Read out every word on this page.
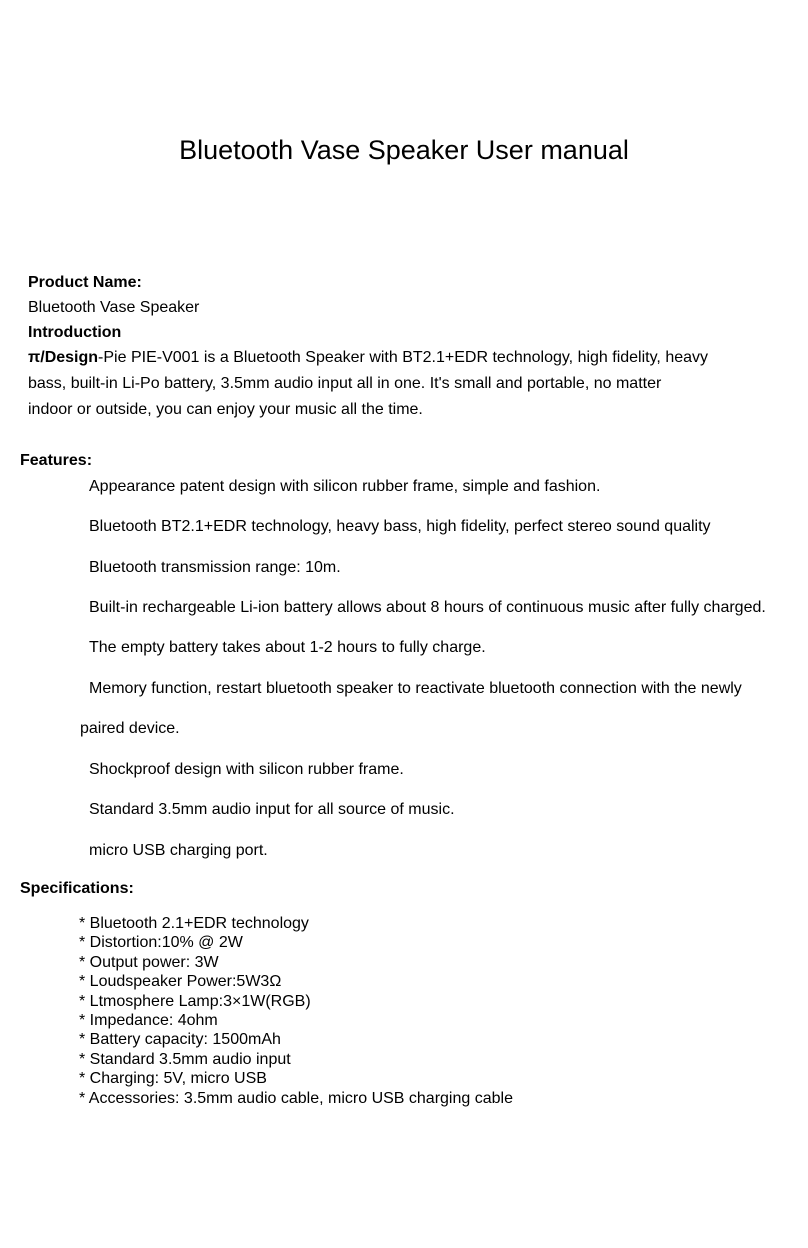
Bluetooth Vase Speaker User manual
Product Name:
Bluetooth Vase Speaker
Introduction
π/Design-Pie PIE-V001 is a Bluetooth Speaker with BT2.1+EDR technology, high fidelity, heavy
bass, built-in Li-Po battery, 3.5mm audio input all in one. It's small and portable, no matter
indoor or outside, you can enjoy your music all the time.
Features:
Appearance patent design with silicon rubber frame, simple and fashion.
Bluetooth BT2.1+EDR technology, heavy bass, high fidelity, perfect stereo sound quality
Bluetooth transmission range: 10m.
Built-in rechargeable Li-ion battery allows about 8 hours of continuous music after fully charged.
The empty battery takes about 1-2 hours to fully charge.
Memory function, restart bluetooth speaker to reactivate bluetooth connection with the newly
paired device.
Shockproof design with silicon rubber frame.
Standard 3.5mm audio input for all source of music.
micro USB charging port.
Specifications:
* Bluetooth 2.1+EDR technology
* Distortion:10% @ 2W
* Output power: 3W
* Loudspeaker Power:5W3Ω
* Ltmosphere Lamp:3×1W(RGB)
* Impedance: 4ohm
* Battery capacity: 1500mAh
* Standard 3.5mm audio input
* Charging: 5V, micro USB
* Accessories: 3.5mm audio cable, micro USB charging cable
